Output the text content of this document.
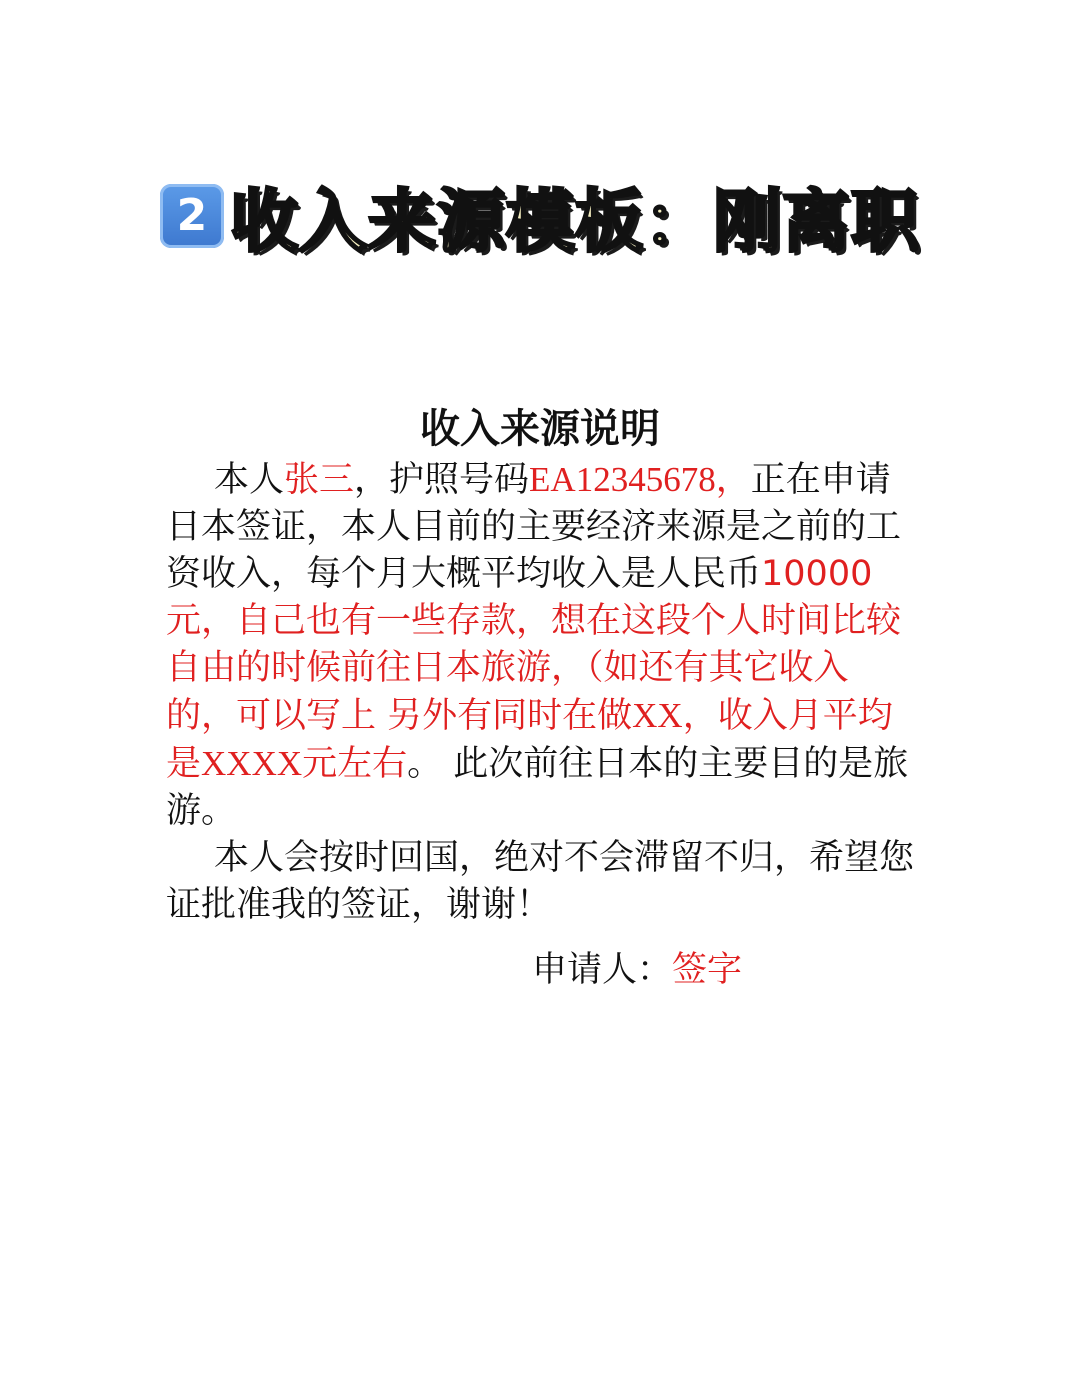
2 收入来源模板：刚离职
收入来源说明

本人张三，护照号码EA12345678，正在申请日本签证，本人目前的主要经济来源是之前的工资收入，每个月大概平均收入是人民币10000元，自己也有一些存款，想在这段个人时间比较自由的时候前往日本旅游，（如还有其它收入的，可以写上 另外有同时在做XX，收入月平均是XXXX元左右。 此次前往日本的主要目的是旅游。

本人会按时回国，绝对不会滞留不归，希望您证批准我的签证，谢谢！

申请人：签字
